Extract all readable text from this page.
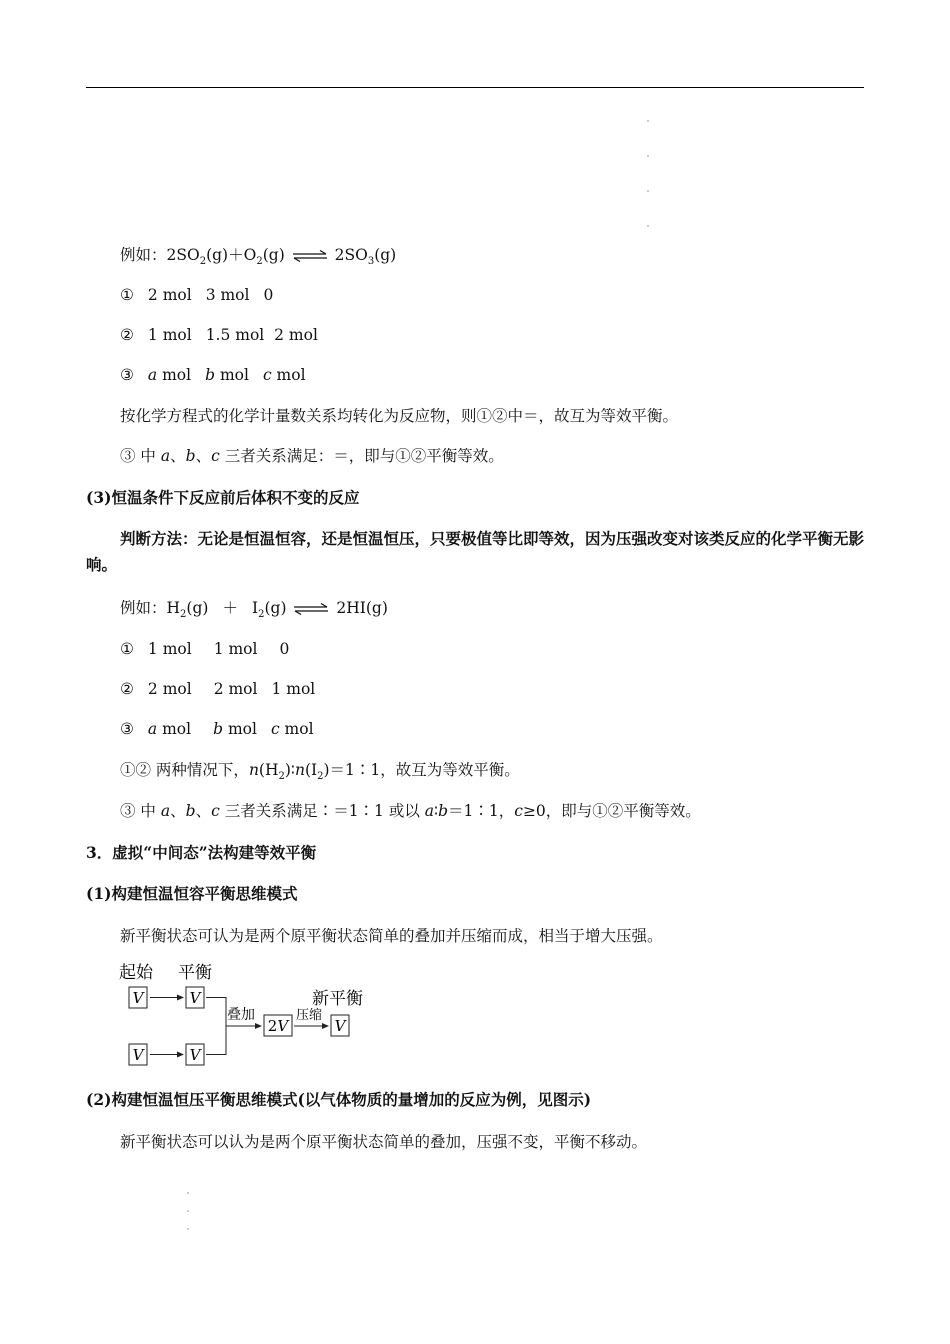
例如：$2SO_2(g)+O_2(g)$ ⇌ $2SO_3(g)$
① 2 mol 3 mol 0
② 1 mol 1.5 mol 2 mol
③ a mol b mol c mol
按化学方程式的化学计量数关系均转化为反应物，则①②中＝，故互为等效平衡。
③ 中 a、b、c 三者关系满足：＝，即与①②平衡等效。
(3)恒温条件下反应前后体积不变的反应
判断方法：无论是恒温恒容，还是恒温恒压，只要极值等比即等效，因为压强改变对该类反应的化学平衡无影响。
例如：$H_2(g) + I_2(g)$ ⇌ 2HI(g)
① 1 mol 1 mol 0
② 2 mol 2 mol 1 mol
③ a mol b mol c mol
①② 两种情况下，$n(H_2)∶n(I_2)=1∶1$，故互为等效平衡。
③ 中 a、b、c 三者关系满足∶＝1∶1 或以 a∶b＝1∶1，c≥0，即与①②平衡等效。
3．虚拟“中间态”法构建等效平衡
(1)构建恒温恒容平衡思维模式
新平衡状态可认为是两个原平衡状态简单的叠加并压缩而成，相当于增大压强。
起始 平衡
V	V
V	V
叠加
2V
压缩
新平衡
V
(2)构建恒温恒压平衡思维模式(以气体物质的量增加的反应为例，见图示)
新平衡状态可以认为是两个原平衡状态简单的叠加，压强不变，平衡不移动。
